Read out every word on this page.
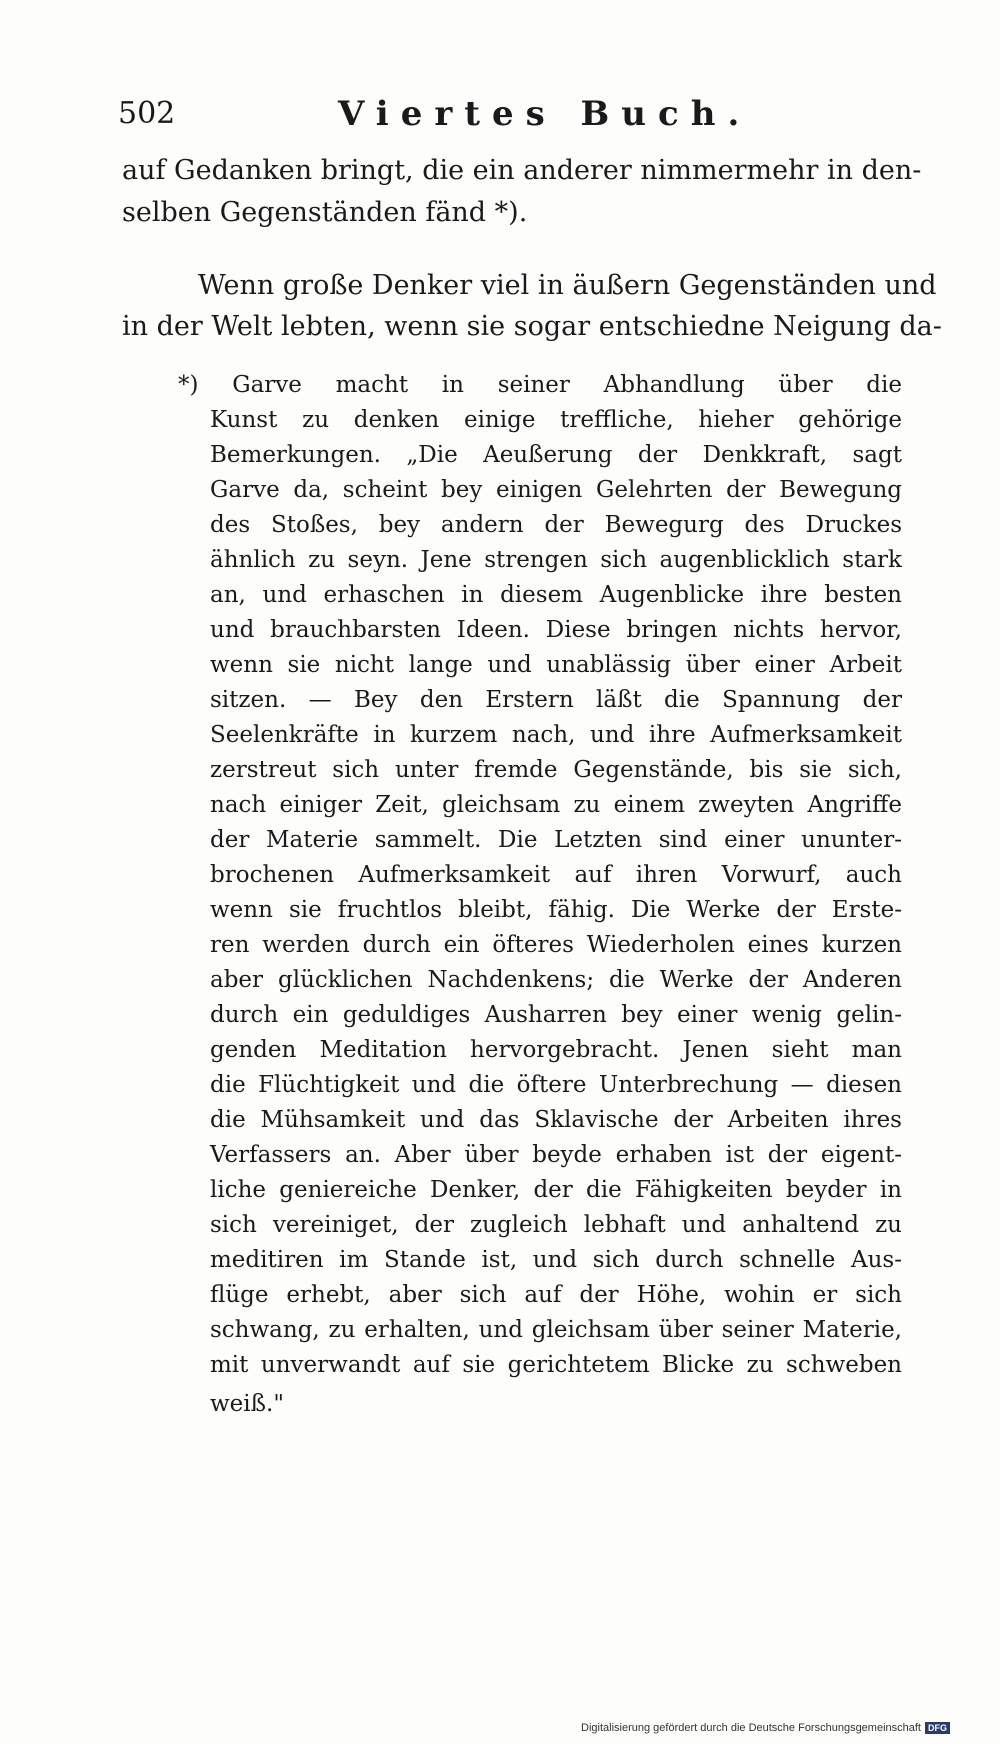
502	Viertes Buch.
auf Gedanken bringt, die ein anderer nimmermehr in den-
selben Gegenständen fänd *).
Wenn große Denker viel in äußern Gegenständen und
in der Welt lebten, wenn sie sogar entschiedne Neigung da-
*) Garve macht in seiner Abhandlung über die
Kunst zu denken einige treffliche, hieher gehörige
Bemerkungen. „Die Aeußerung der Denkkraft, sagt
Garve da, scheint bey einigen Gelehrten der Bewegung
des Stoßes, bey andern der Bewegurg des Druckes
ähnlich zu seyn. Jene strengen sich augenblicklich stark
an, und erhaschen in diesem Augenblicke ihre besten
und brauchbarsten Ideen. Diese bringen nichts hervor,
wenn sie nicht lange und unablässig über einer Arbeit
sitzen. — Bey den Erstern läßt die Spannung der
Seelenkräfte in kurzem nach, und ihre Aufmerksamkeit
zerstreut sich unter fremde Gegenstände, bis sie sich,
nach einiger Zeit, gleichsam zu einem zweyten Angriffe
der Materie sammelt. Die Letzten sind einer ununter-
brochenen Aufmerksamkeit auf ihren Vorwurf, auch
wenn sie fruchtlos bleibt, fähig. Die Werke der Erste-
ren werden durch ein öfteres Wiederholen eines kurzen
aber glücklichen Nachdenkens; die Werke der Anderen
durch ein geduldiges Ausharren bey einer wenig gelin-
genden Meditation hervorgebracht. Jenen sieht man
die Flüchtigkeit und die öftere Unterbrechung — diesen
die Mühsamkeit und das Sklavische der Arbeiten ihres
Verfassers an. Aber über beyde erhaben ist der eigent-
liche geniereiche Denker, der die Fähigkeiten beyder in
sich vereiniget, der zugleich lebhaft und anhaltend zu
meditiren im Stande ist, und sich durch schnelle Aus-
flüge erhebt, aber sich auf der Höhe, wohin er sich
schwang, zu erhalten, und gleichsam über seiner Materie,
mit unverwandt auf sie gerichtetem Blicke zu schweben
weiß."
Digitalisierung gefördert durch die Deutsche Forschungsgemeinschaft DFG
